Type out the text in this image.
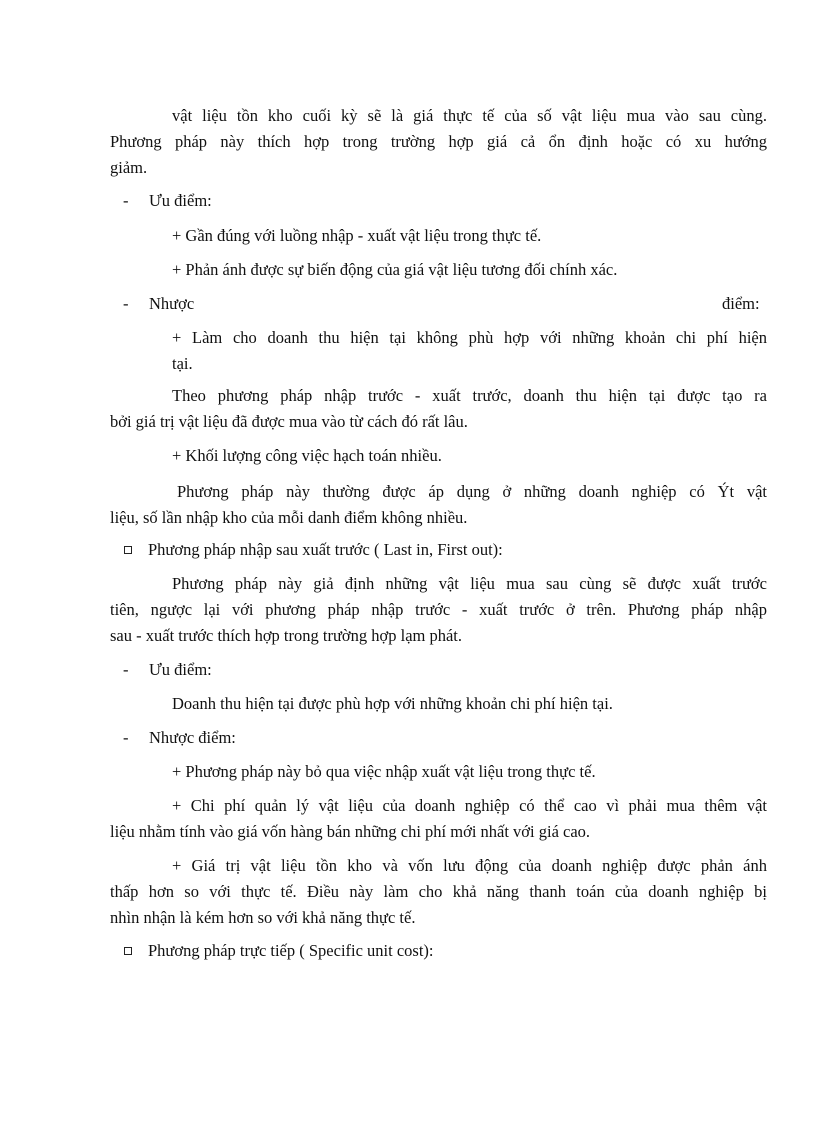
vật liệu tồn kho cuối kỳ sẽ là giá thực tế của số vật liệu mua vào sau cùng.
Phương pháp này thích hợp trong trường hợp giá cả ổn định hoặc có xu hướng
giảm.
- Ưu điểm:
+ Gần đúng với luồng nhập - xuất vật liệu trong thực tế.
+ Phản ánh được sự biến động của giá vật liệu tương đối chính xác.
- Nhược	điểm:
+ Làm cho doanh thu hiện tại không phù hợp với những khoản chi phí hiện
tại.
Theo phương pháp nhập trước - xuất trước, doanh thu hiện tại được tạo ra
bởi giá trị vật liệu đã được mua vào từ cách đó rất lâu.
+ Khối lượng công việc hạch toán nhiều.
Phương pháp này thường được áp dụng ở những doanh nghiệp có Ýt vật
liệu, số lần nhập kho của mỗi danh điểm không nhiều.
Phương pháp nhập sau xuất trước ( Last in, First out):
Phương pháp này giả định những vật liệu mua sau cùng sẽ được xuất trước
tiên, ngược lại với phương pháp nhập trước - xuất trước ở trên. Phương pháp nhập
sau - xuất trước thích hợp trong trường hợp lạm phát.
- Ưu điểm:
Doanh thu hiện tại được phù hợp với những khoản chi phí hiện tại.
- Nhược điểm:
+ Phương pháp này bỏ qua việc nhập xuất vật liệu trong thực tế.
+ Chi phí quản lý vật liệu của doanh nghiệp có thể cao vì phải mua thêm vật
liệu nhằm tính vào giá vốn hàng bán những chi phí mới nhất với giá cao.
+ Giá trị vật liệu tồn kho và vốn lưu động của doanh nghiệp được phản ánh
thấp hơn so với thực tế. Điều này làm cho khả năng thanh toán của doanh nghiệp bị
nhìn nhận là kém hơn so với khả năng thực tế.
Phương pháp trực tiếp ( Specific unit cost):
